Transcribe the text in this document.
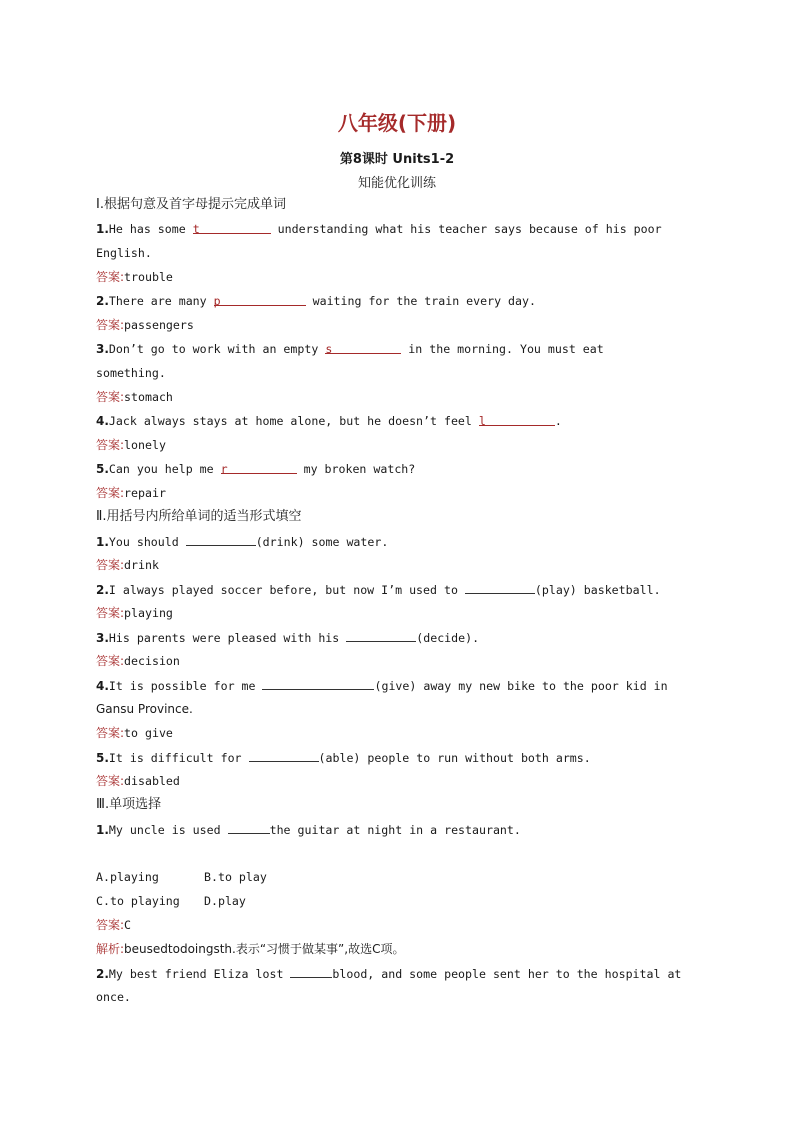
八年级(下册)
第8课时 Units1-2
知能优化训练
Ⅰ.根据句意及首字母提示完成单词
1.He has some t	understanding what his teacher says because of his poor
English.
答案:trouble
2.There are many p	waiting for the train every day.
答案:passengers
3.Don’t go to work with an empty s	in the morning. You must eat
something.
答案:stomach
4.Jack always stays at home alone, but he doesn’t feel l	.
答案:lonely
5.Can you help me r	my broken watch?
答案:repair
Ⅱ.用括号内所给单词的适当形式填空
1.You should	(drink) some water.
答案:drink
2.I always played soccer before, but now I’m used to	(play) basketball.
答案:playing
3.His parents were pleased with his	(decide).
答案:decision
4.It is possible for me	(give) away my new bike to the poor kid in
Gansu Province.
答案:to give
5.It is difficult for	(able) people to run without both arms.
答案:disabled
Ⅲ.单项选择
1.My uncle is used	the guitar at night in a restaurant.
A.playing	B.to play
C.to playing D.play
答案:C
解析:beusedtodoingsth.表示“习惯于做某事”,故选C项。
2.My best friend Eliza lost	blood, and some people sent her to the hospital at
once.
